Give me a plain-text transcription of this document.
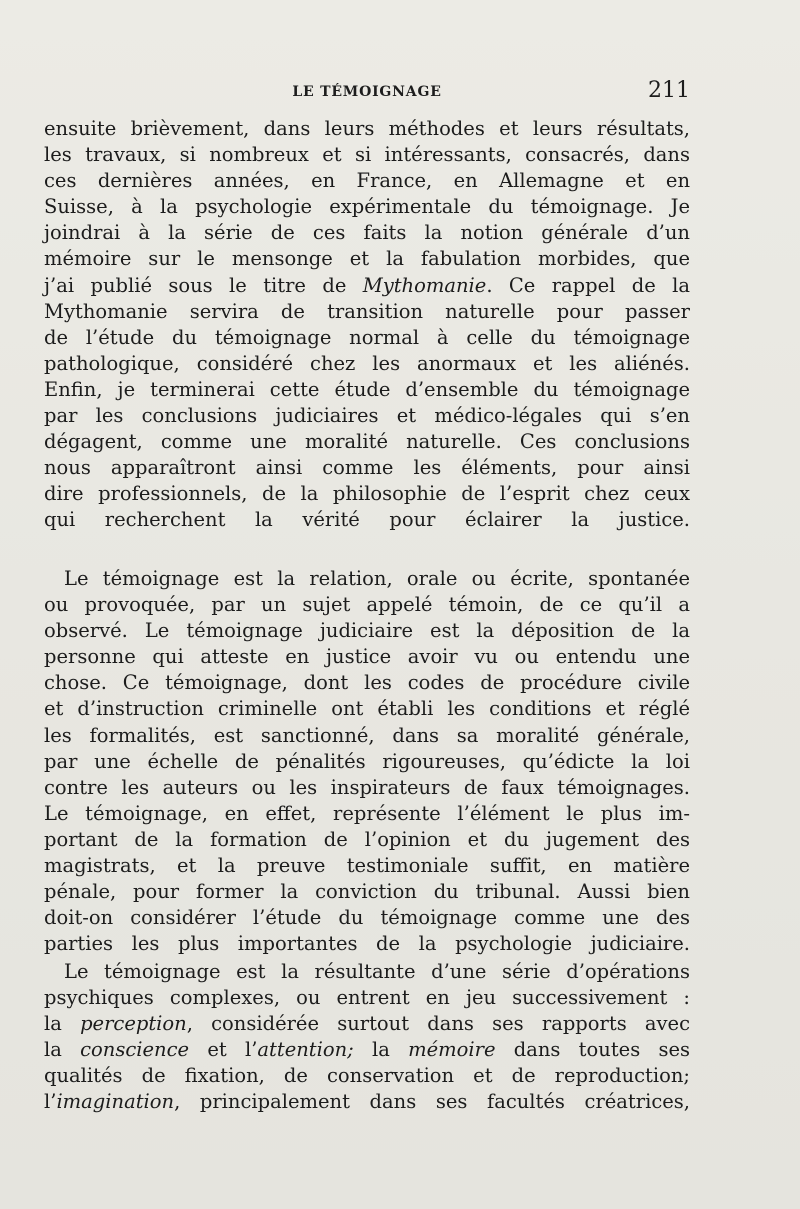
LE TÉMOIGNAGE	211

ensuite brièvement, dans leurs méthodes et leurs résultats,

les travaux, si nombreux et si intéressants, consacrés, dans

ces dernières années, en France, en Allemagne et en

Suisse, à la psychologie expérimentale du témoignage. Je

joindrai à la série de ces faits la notion générale d’un

mémoire sur le mensonge et la fabulation morbides, que

j’ai publié sous le titre de Mythomanie. Ce rappel de la

Mythomanie servira de transition naturelle pour passer

de l’étude du témoignage normal à celle du témoignage

pathologique, considéré chez les anormaux et les aliénés.

Enfin, je terminerai cette étude d’ensemble du témoignage

par les conclusions judiciaires et médico-légales qui s’en

dégagent, comme une moralité naturelle. Ces conclusions

nous apparaîtront ainsi comme les éléments, pour ainsi

dire professionnels, de la philosophie de l’esprit chez ceux

qui recherchent la vérité pour éclairer la justice.

Le témoignage est la relation, orale ou écrite, spontanée

ou provoquée, par un sujet appelé témoin, de ce qu’il a

observé. Le témoignage judiciaire est la déposition de la

personne qui atteste en justice avoir vu ou entendu une

chose. Ce témoignage, dont les codes de procédure civile

et d’instruction criminelle ont établi les conditions et réglé

les formalités, est sanctionné, dans sa moralité générale,

par une échelle de pénalités rigoureuses, qu’édicte la loi

contre les auteurs ou les inspirateurs de faux témoignages.

Le témoignage, en effet, représente l’élément le plus im-

portant de la formation de l’opinion et du jugement des

magistrats, et la preuve testimoniale suffit, en matière

pénale, pour former la conviction du tribunal. Aussi bien

doit-on considérer l’étude du témoignage comme une des

parties les plus importantes de la psychologie judiciaire.

Le témoignage est la résultante d’une série d’opérations

psychiques complexes, ou entrent en jeu successivement :

la perception, considérée surtout dans ses rapports avec

la conscience et l’attention; la mémoire dans toutes ses

qualités de fixation, de conservation et de reproduction;

l’imagination, principalement dans ses facultés créatrices,
